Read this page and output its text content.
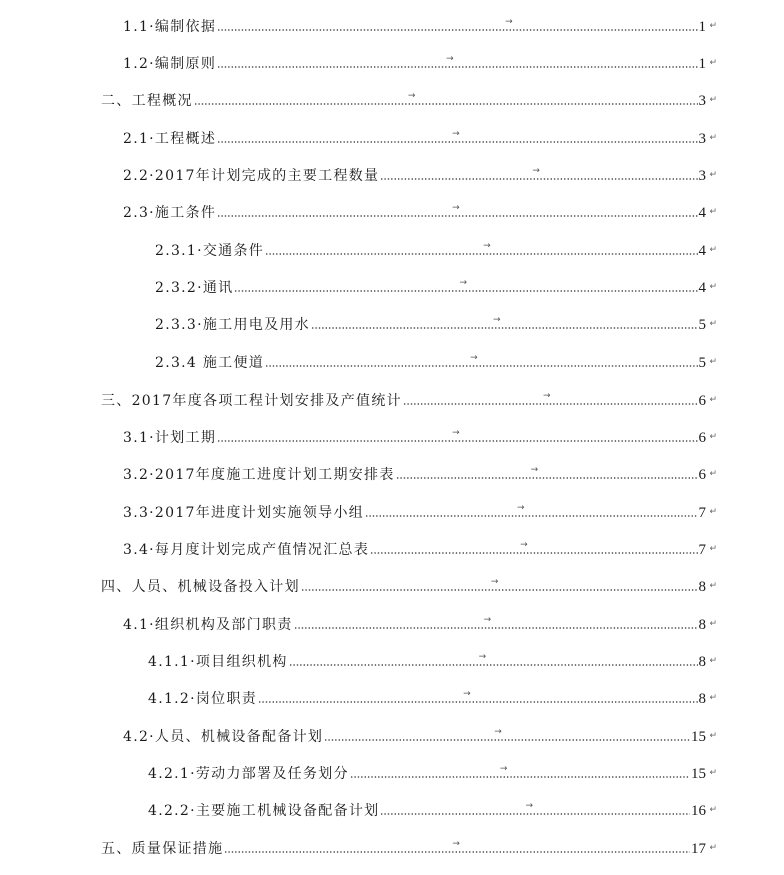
1.1·编制依据	→	1 ↵
1.2·编制原则	→	1 ↵
二、工程概况	→	3 ↵
2.1·工程概述	→	3 ↵
2.2·2017年计划完成的主要工程数量	→	3 ↵
2.3·施工条件	→	4 ↵
2.3.1·交通条件	→	4 ↵
2.3.2·通讯	→	4 ↵
2.3.3·施工用电及用水	→	5 ↵
2.3.4 施工便道	→	5 ↵
三、2017年度各项工程计划安排及产值统计	→	6 ↵
3.1·计划工期	→	6 ↵
3.2·2017年度施工进度计划工期安排表	→	6 ↵
3.3·2017年进度计划实施领导小组	→	7 ↵
3.4·每月度计划完成产值情况汇总表	→	7 ↵
四、人员、机械设备投入计划	→	8 ↵
4.1·组织机构及部门职责	→	8 ↵
4.1.1·项目组织机构	→	8 ↵
4.1.2·岗位职责	→	8 ↵
4.2·人员、机械设备配备计划	→	15 ↵
4.2.1·劳动力部署及任务划分	→	15 ↵
4.2.2·主要施工机械设备配备计划	→	16 ↵
五、质量保证措施	→	17 ↵
